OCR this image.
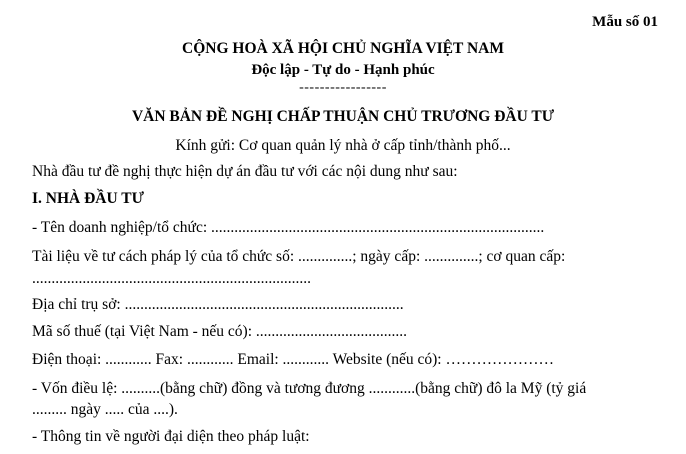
Mẫu số 01
CỘNG HOÀ XÃ HỘI CHỦ NGHĨA VIỆT NAM
Độc lập - Tự do - Hạnh phúc
-----------------
VĂN BẢN ĐỀ NGHỊ CHẤP THUẬN CHỦ TRƯƠNG ĐẦU TƯ
Kính gửi: Cơ quan quản lý nhà ở cấp tỉnh/thành phố...
Nhà đầu tư đề nghị thực hiện dự án đầu tư với các nội dung như sau:
I. NHÀ ĐẦU TƯ
- Tên doanh nghiệp/tổ chức: ......................................................................................
Tài liệu về tư cách pháp lý của tổ chức số: ..............; ngày cấp: ..............; cơ quan cấp:
........................................................................
Địa chỉ trụ sở: ........................................................................
Mã số thuế (tại Việt Nam - nếu có): .......................................
Điện thoại: ............ Fax: ............ Email: ............ Website (nếu có): …………………
- Vốn điều lệ: ..........(bằng chữ) đồng và tương đương ............(bằng chữ) đô la Mỹ (tỷ giá
......... ngày ..... của ....).
- Thông tin về người đại diện theo pháp luật:
